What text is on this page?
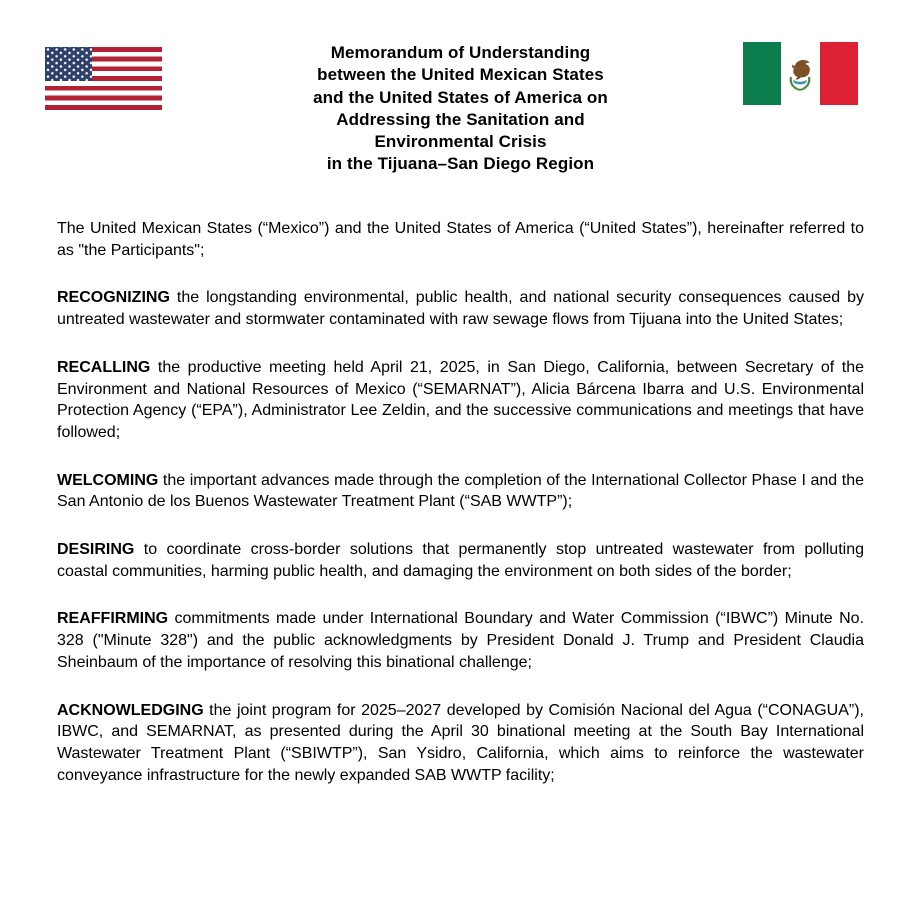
Memorandum of Understanding
between the United Mexican States
and the United States of America on
Addressing the Sanitation and
Environmental Crisis
in the Tijuana–San Diego Region

The United Mexican States (“Mexico”) and the United States of America (“United States”), hereinafter referred to as "the Participants";

RECOGNIZING the longstanding environmental, public health, and national security consequences caused by untreated wastewater and stormwater contaminated with raw sewage flows from Tijuana into the United States;

RECALLING the productive meeting held April 21, 2025, in San Diego, California, between Secretary of the Environment and National Resources of Mexico (“SEMARNAT”), Alicia Bárcena Ibarra and U.S. Environmental Protection Agency (“EPA”), Administrator Lee Zeldin, and the successive communications and meetings that have followed;

WELCOMING the important advances made through the completion of the International Collector Phase I and the San Antonio de los Buenos Wastewater Treatment Plant (“SAB WWTP”);

DESIRING to coordinate cross-border solutions that permanently stop untreated wastewater from polluting coastal communities, harming public health, and damaging the environment on both sides of the border;

REAFFIRMING commitments made under International Boundary and Water Commission (“IBWC”) Minute No. 328 ("Minute 328") and the public acknowledgments by President Donald J. Trump and President Claudia Sheinbaum of the importance of resolving this binational challenge;

ACKNOWLEDGING the joint program for 2025–2027 developed by Comisión Nacional del Agua (“CONAGUA”), IBWC, and SEMARNAT, as presented during the April 30 binational meeting at the South Bay International Wastewater Treatment Plant (“SBIWTP”), San Ysidro, California, which aims to reinforce the wastewater conveyance infrastructure for the newly expanded SAB WWTP facility;
